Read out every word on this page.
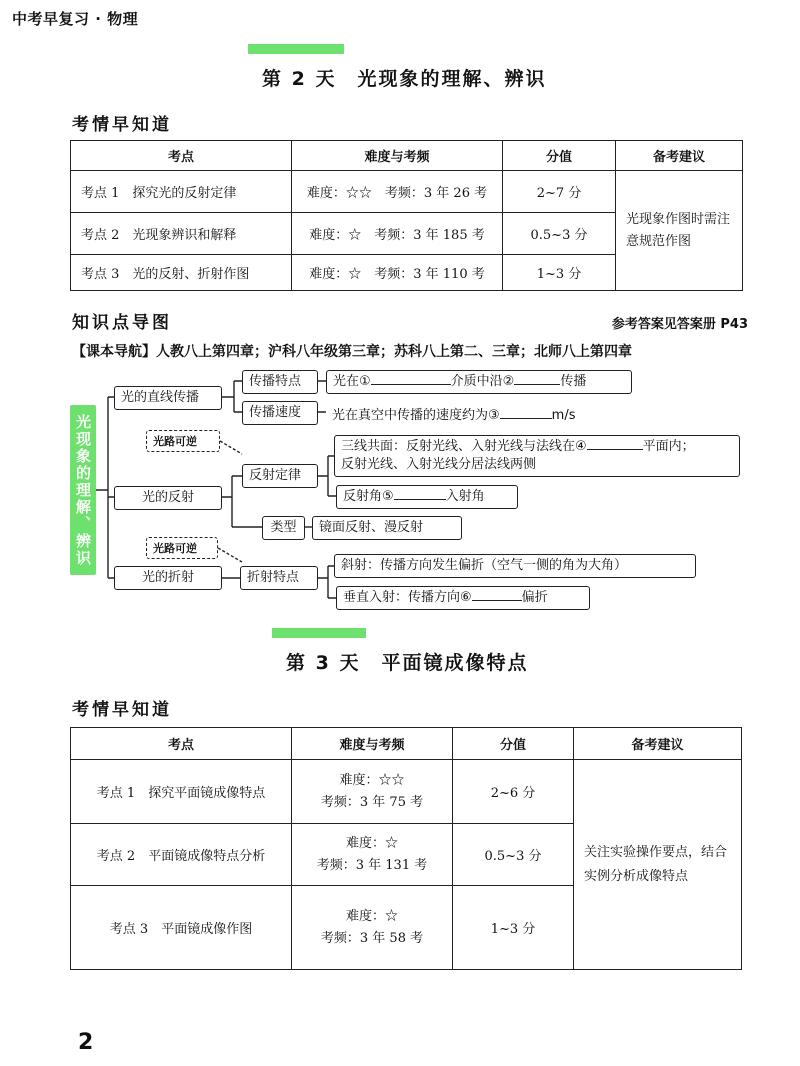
中考早复习 · 物理
第 2 天　光现象的理解、辨识
考情早知道
考点	难度与考频	分值	备考建议
考点 1　探究光的反射定律	难度：☆☆　考频：3 年 26 考	2~7 分	光现象作图时需注意规范作图
考点 2　光现象辨识和解释	难度：☆　考频：3 年 185 考	0.5~3 分	
考点 3　光的反射、折射作图	难度：☆　考频：3 年 110 考	1~3 分	
知识点导图	参考答案见答案册 P43
【课本导航】人教八上第四章；沪科八年级第三章；苏科八上第二、三章；北师八上第四章
光现象的理解、辨识
光的直线传播
传播特点	光在①	介质中沿②	传播
传播速度	光在真空中传播的速度约为③	m/s
光路可逆
光的反射
反射定律
三线共面：反射光线、入射光线与法线在④	平面内；
反射光线、入射光线分居法线两侧
反射角⑤	入射角
类型	镜面反射、漫反射
光路可逆
光的折射	折射特点
斜射：传播方向发生偏折（空气一侧的角为大角）
垂直入射：传播方向⑥	偏折
第 3 天　平面镜成像特点
考情早知道
考点	难度与考频	分值	备考建议
考点 1　探究平面镜成像特点	难度：☆☆
考频：3 年 75 考	2~6 分	关注实验操作要点，结合实例分析成像特点
考点 2　平面镜成像特点分析	难度：☆
考频：3 年 131 考	0.5~3 分	
考点 3　平面镜成像作图	难度：☆
考频：3 年 58 考	1~3 分	
2
